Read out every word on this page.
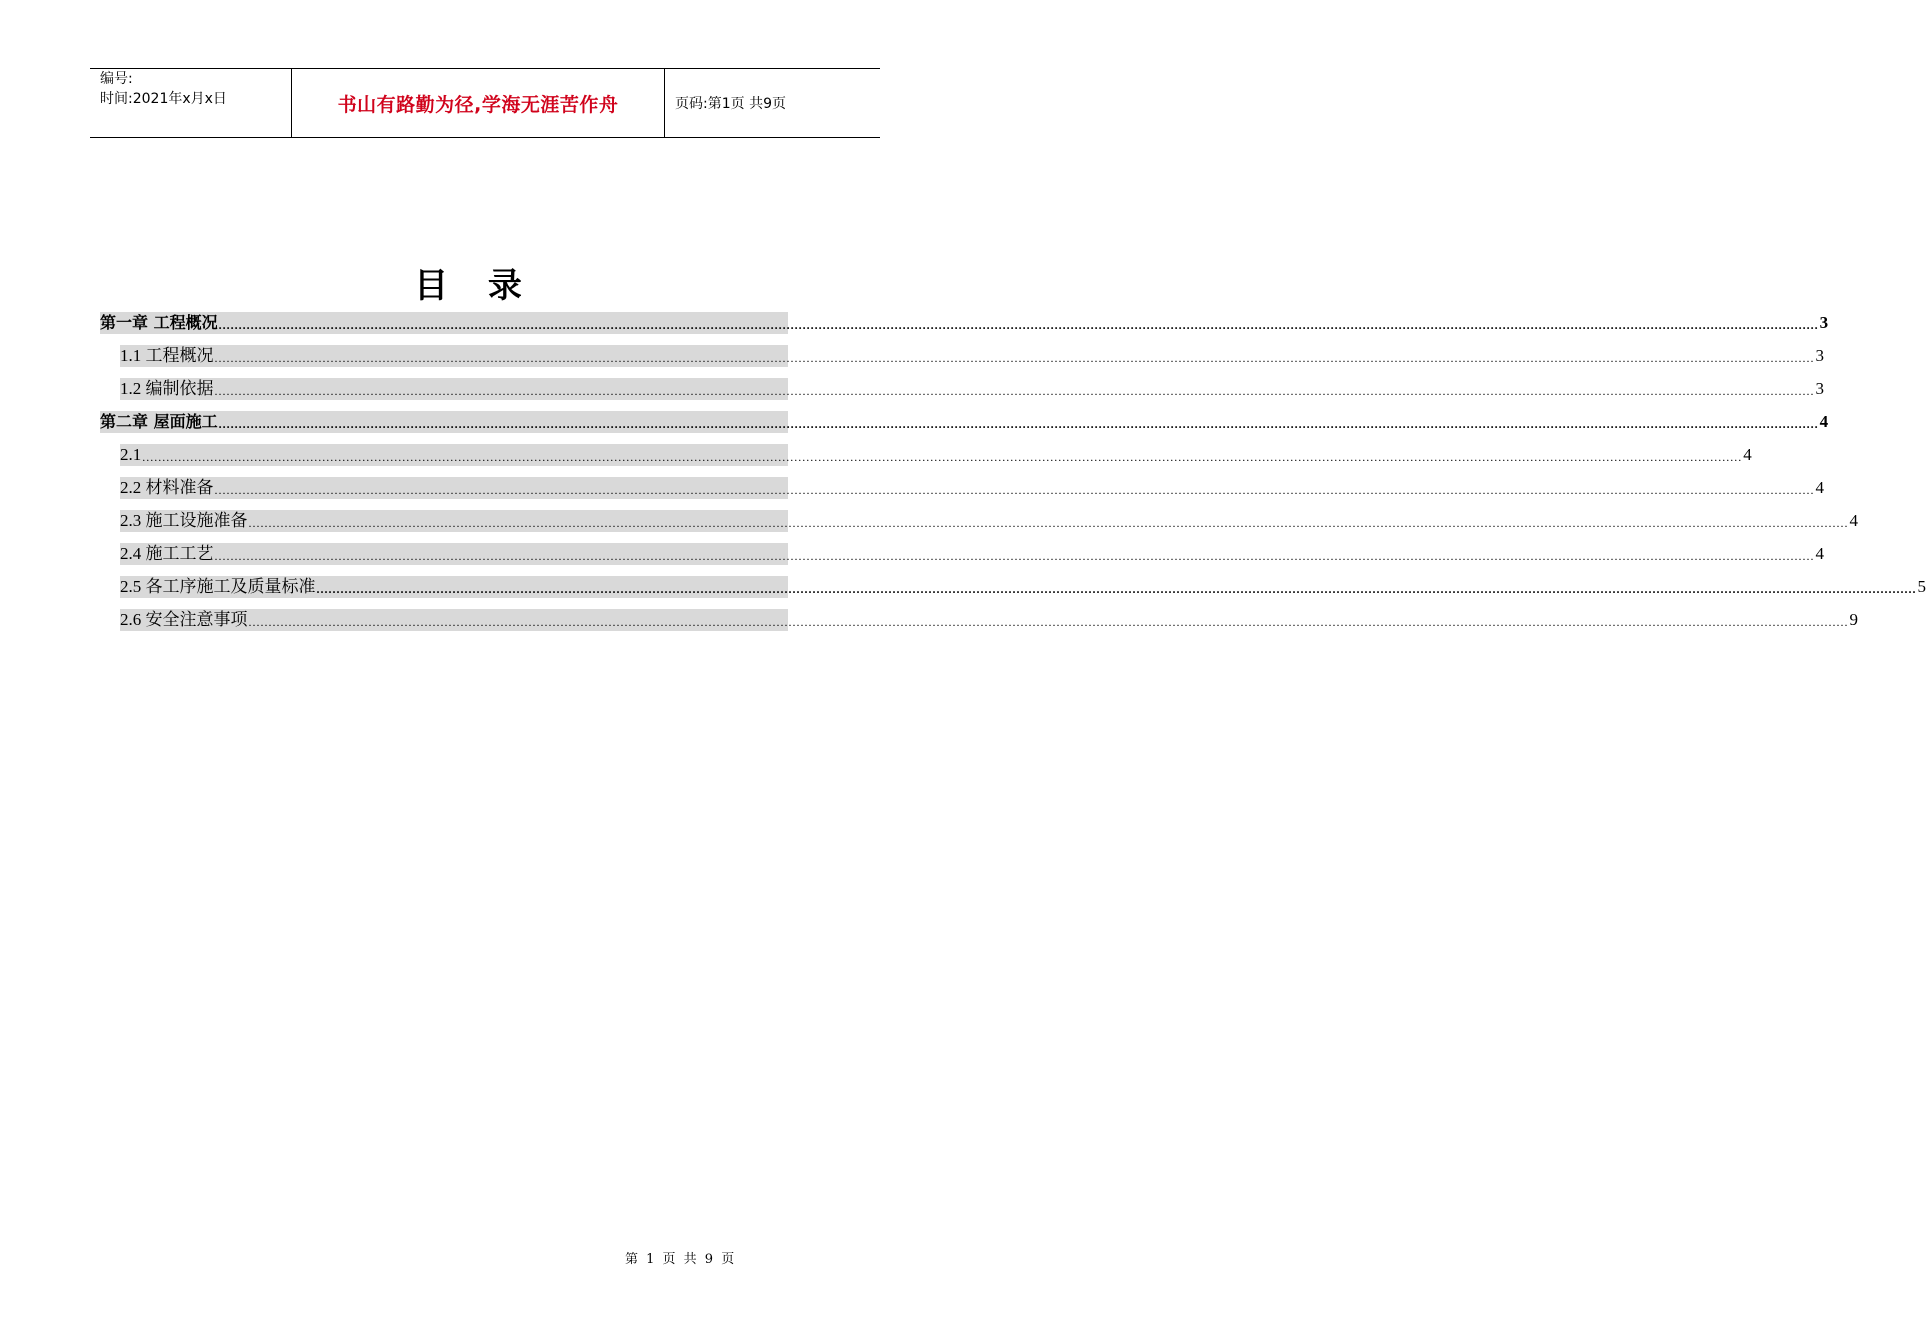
编号:
时间:2021年x月x日	书山有路勤为径,学海无涯苦作舟	页码:第1页 共9页
目 录
第一章 工程概况 ................................................................................................................................................................................................................................................................................................................................................................................................................ 3
1.1 工程概况 ................................................................................................................................................................................................................................................................................................................................................................................................................ 3
1.2 编制依据 ................................................................................................................................................................................................................................................................................................................................................................................................................ 3
第二章 屋面施工 ................................................................................................................................................................................................................................................................................................................................................................................................................ 4
2.1 ................................................................................................................................................................................................................................................................................................................................................................................................................ 4
2.2 材料准备 ................................................................................................................................................................................................................................................................................................................................................................................................................ 4
2.3 施工设施准备 ................................................................................................................................................................................................................................................................................................................................................................................................................ 4
2.4 施工工艺 ................................................................................................................................................................................................................................................................................................................................................................................................................ 4
2.5 各工序施工及质量标准 ................................................................................................................................................................................................................................................................................................................................................................................................................ 5
2.6 安全注意事项 ................................................................................................................................................................................................................................................................................................................................................................................................................ 9
第 1 页 共 9 页
